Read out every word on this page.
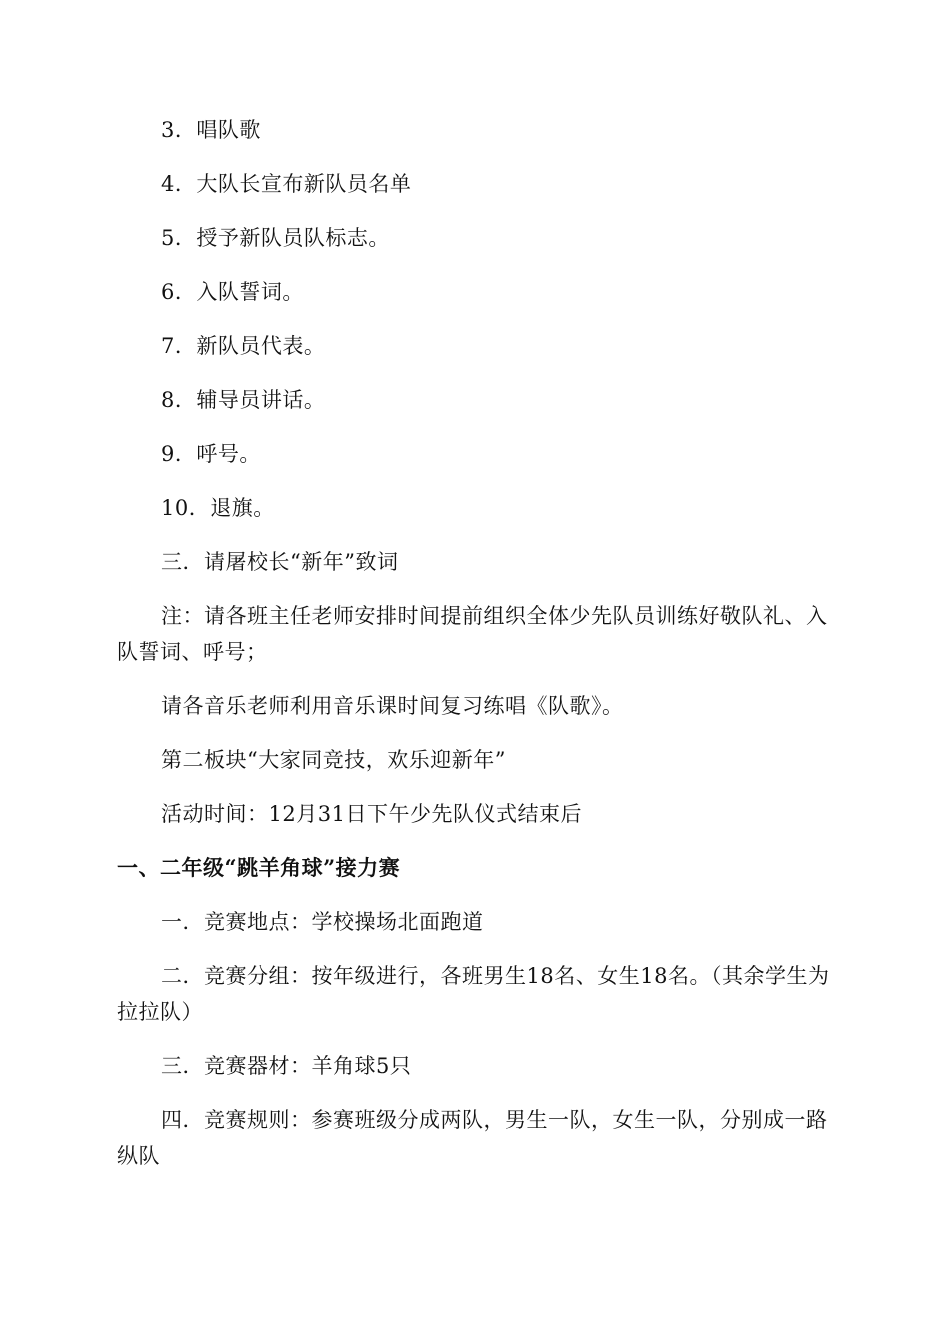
3．唱队歌

4．大队长宣布新队员名单

5．授予新队员队标志。

6．入队誓词。

7．新队员代表。

8．辅导员讲话。

9．呼号。

10．退旗。

三．请屠校长“新年”致词

注：请各班主任老师安排时间提前组织全体少先队员训练好敬队礼、入队誓词、呼号；

请各音乐老师利用音乐课时间复习练唱《队歌》。

第二板块“大家同竞技，欢乐迎新年”

活动时间：12月31日下午少先队仪式结束后

一、二年级“跳羊角球”接力赛

一．竞赛地点：学校操场北面跑道

二．竞赛分组：按年级进行，各班男生18名、女生18名。（其余学生为拉拉队）

三．竞赛器材：羊角球5只

四．竞赛规则：参赛班级分成两队，男生一队，女生一队，分别成一路纵队
